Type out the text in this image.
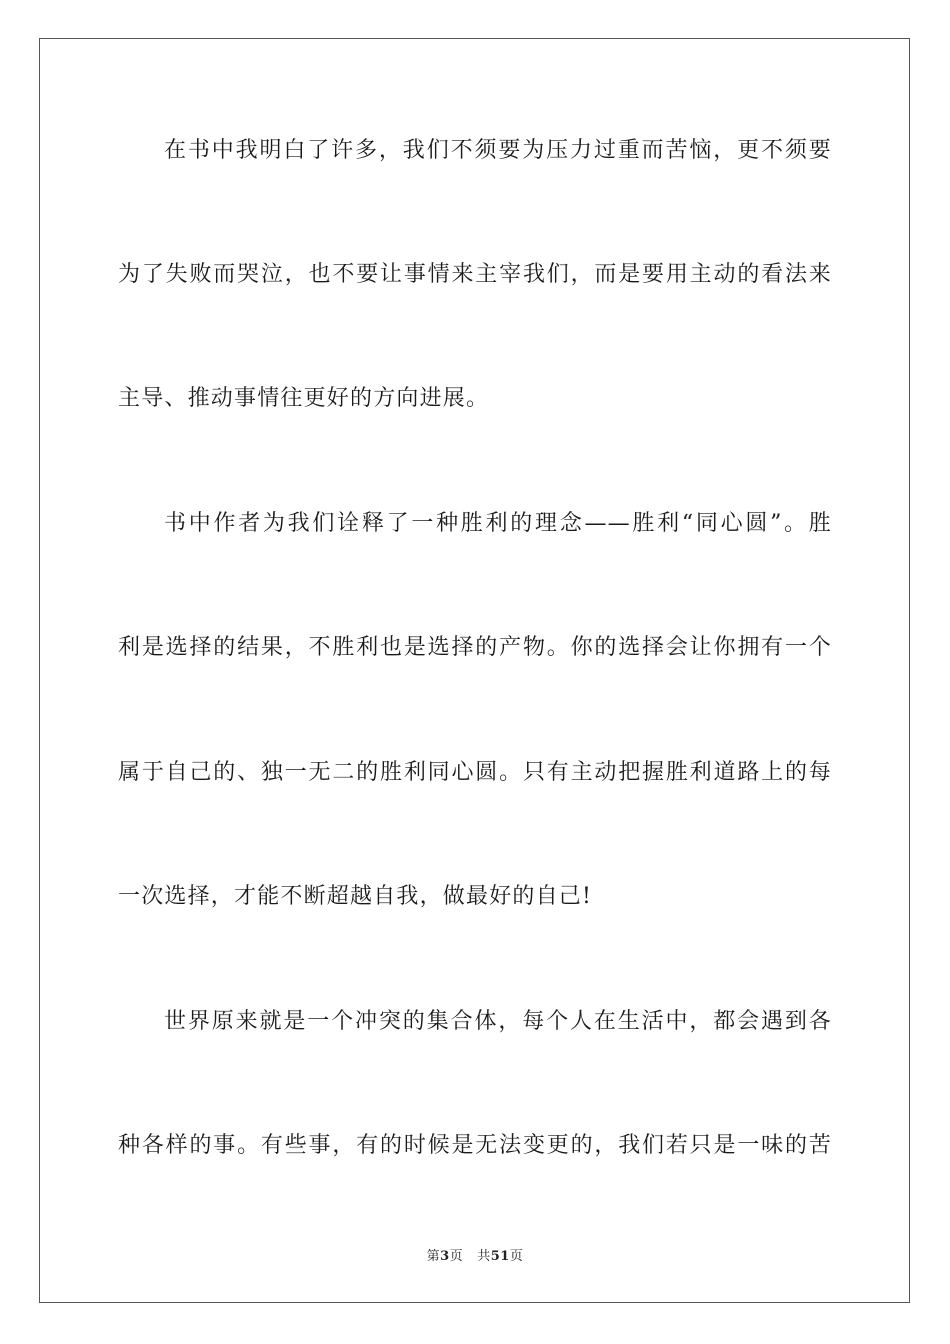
在书中我明白了许多，我们不须要为压力过重而苦恼，更不须要
为了失败而哭泣，也不要让事情来主宰我们，而是要用主动的看法来
主导、推动事情往更好的方向进展。
书中作者为我们诠释了一种胜利的理念——胜利“同心圆”。胜
利是选择的结果，不胜利也是选择的产物。你的选择会让你拥有一个
属于自己的、独一无二的胜利同心圆。只有主动把握胜利道路上的每
一次选择，才能不断超越自我，做最好的自己!
世界原来就是一个冲突的集合体，每个人在生活中，都会遇到各
种各样的事。有些事，有的时候是无法变更的，我们若只是一味的苦
第3页 共51页
